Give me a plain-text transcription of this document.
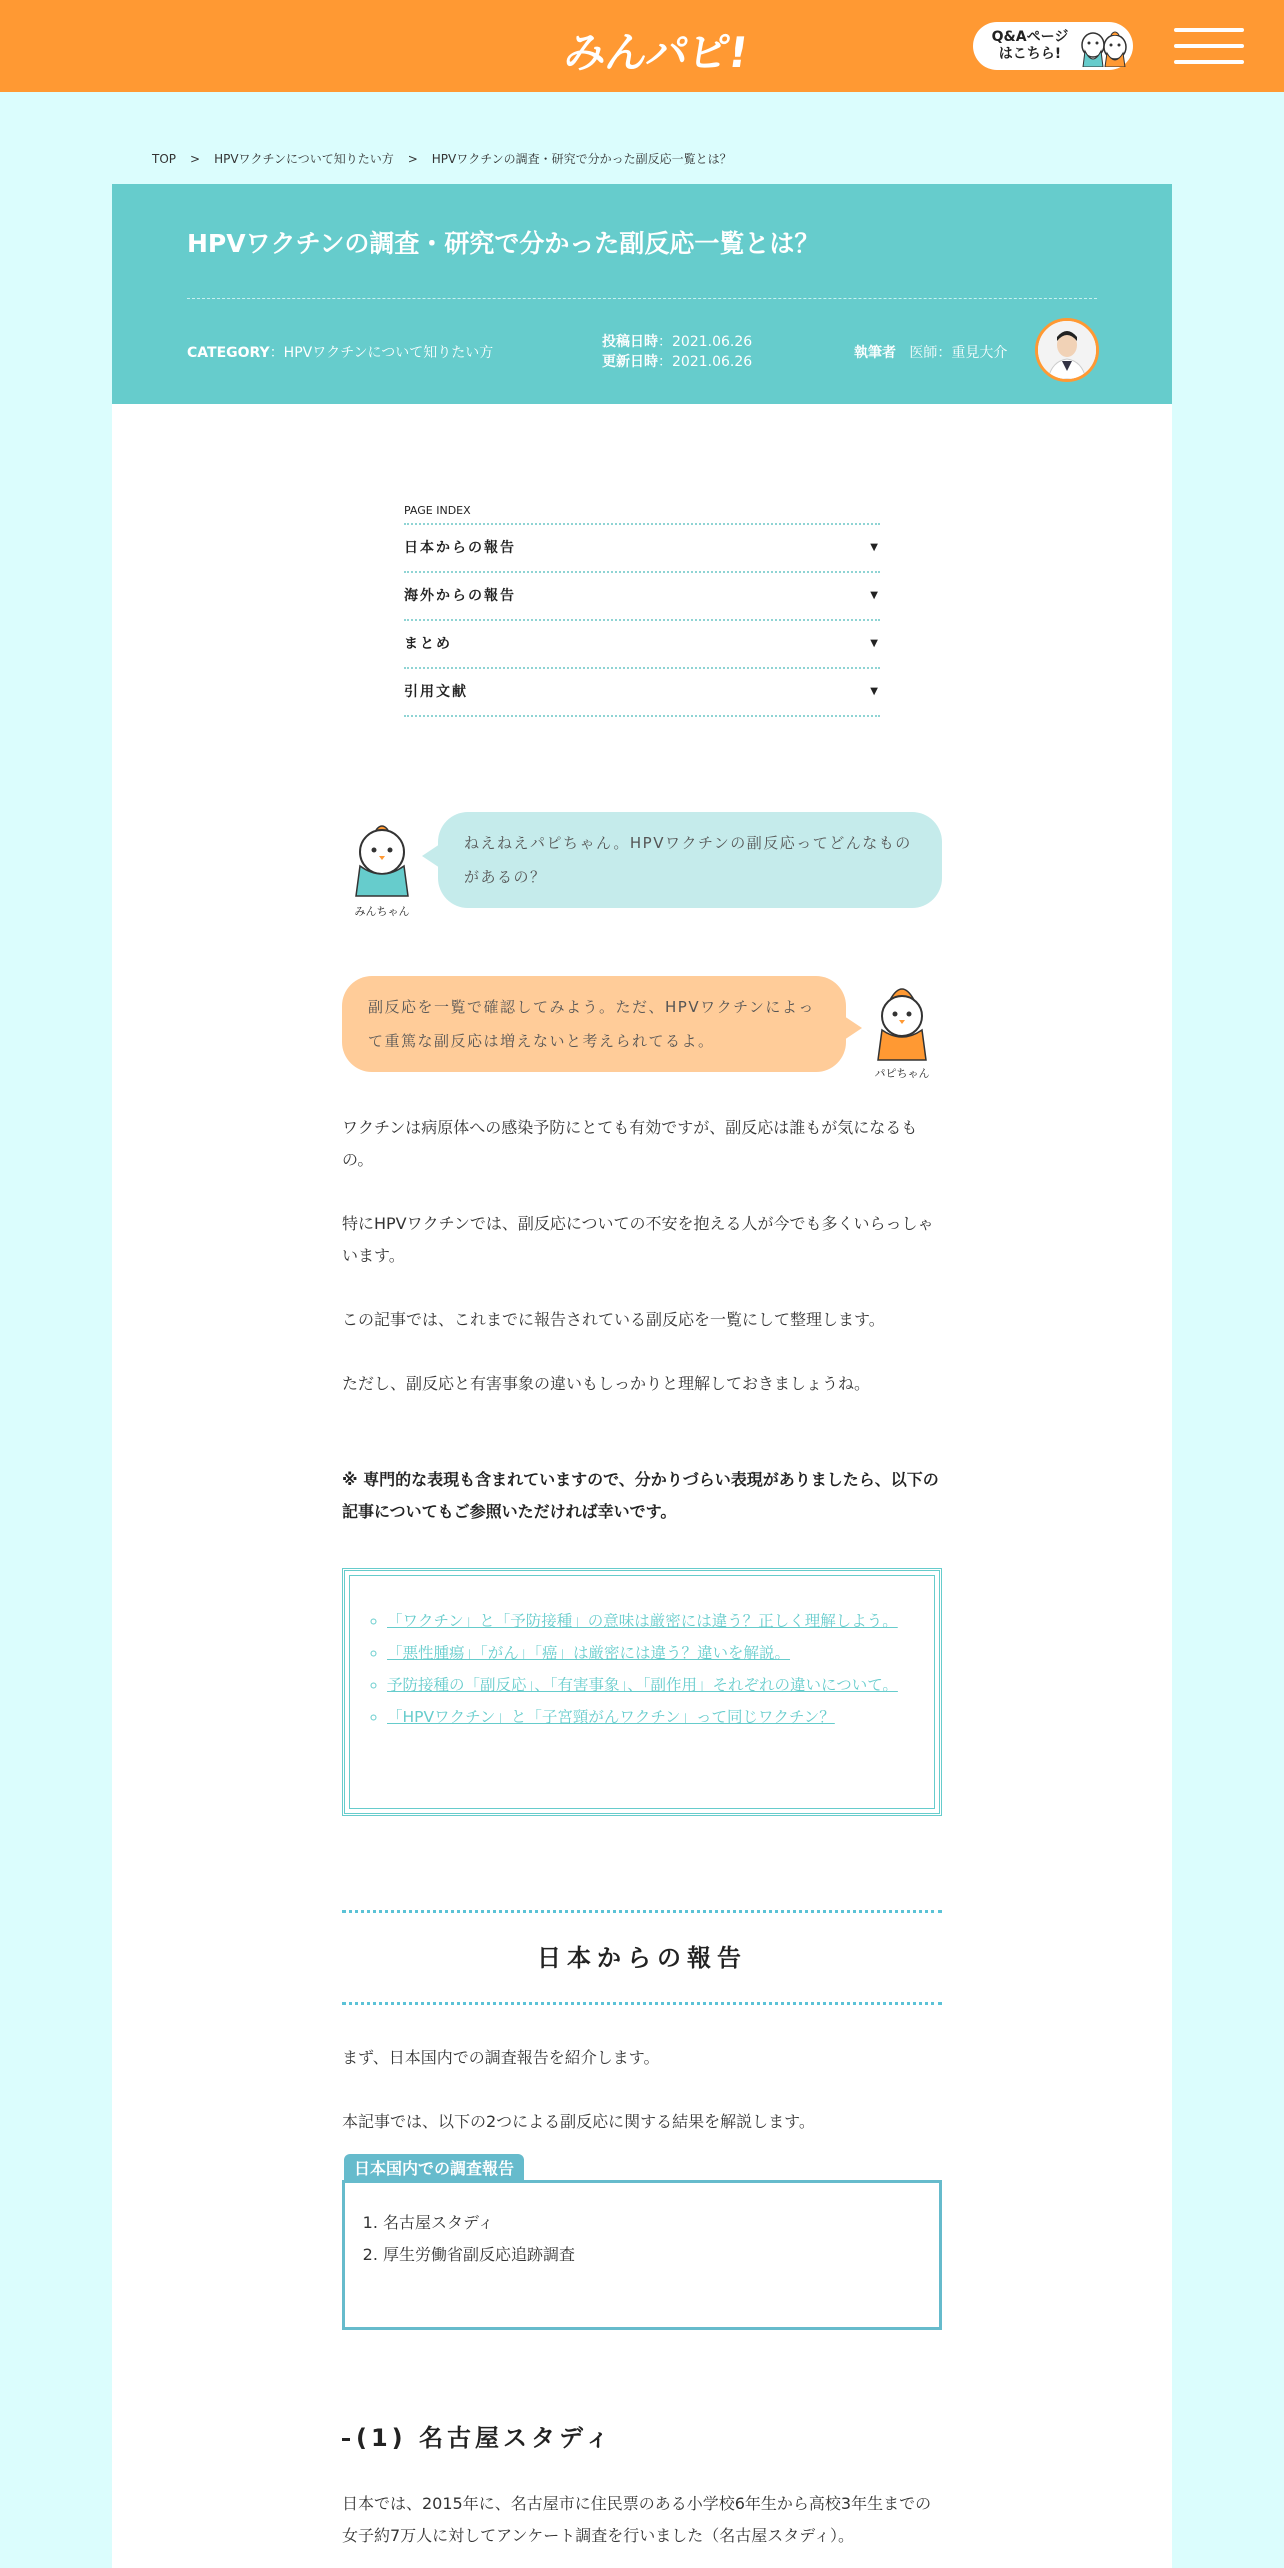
みんパピ!	Q&Aページ
はこちら!
TOP > HPVワクチンについて知りたい方 > HPVワクチンの調査・研究で分かった副反応一覧とは？
HPVワクチンの調査・研究で分かった副反応一覧とは？
CATEGORY：HPVワクチンについて知りたい方
投稿日時：2021.06.26
更新日時：2021.06.26
執筆者 医師：重見大介
PAGE INDEX
日本からの報告	▼
海外からの報告	▼
まとめ	▼
引用文献	▼
みんちゃん
ねえねえパピちゃん。HPVワクチンの副反応ってどんなものがあるの？
副反応を一覧で確認してみよう。ただ、HPVワクチンによって重篤な副反応は増えないと考えられてるよ。
パピちゃん
ワクチンは病原体への感染予防にとても有効ですが、副反応は誰もが気になるもの。
特にHPVワクチンでは、副反応についての不安を抱える人が今でも多くいらっしゃいます。
この記事では、これまでに報告されている副反応を一覧にして整理します。
ただし、副反応と有害事象の違いもしっかりと理解しておきましょうね。
※ 専門的な表現も含まれていますので、分かりづらい表現がありましたら、以下の記事についてもご参照いただければ幸いです。
◦ 「ワクチン」と「予防接種」の意味は厳密には違う？正しく理解しよう。
◦ 「悪性腫瘍」「がん」「癌」は厳密には違う？違いを解説。
◦ 予防接種の「副反応」、「有害事象」、「副作用」それぞれの違いについて。
◦ 「HPVワクチン」と「子宮頸がんワクチン」って同じワクチン？
日本からの報告
まず、日本国内での調査報告を紹介します。
本記事では、以下の2つによる副反応に関する結果を解説します。
日本国内での調査報告
1. 名古屋スタディ
2. 厚生労働省副反応追跡調査
(1) 名古屋スタディ
日本では、2015年に、名古屋市に住民票のある小学校6年生から高校3年生までの女子約7万人に対してアンケート調査を行いました（名古屋スタディ）。
